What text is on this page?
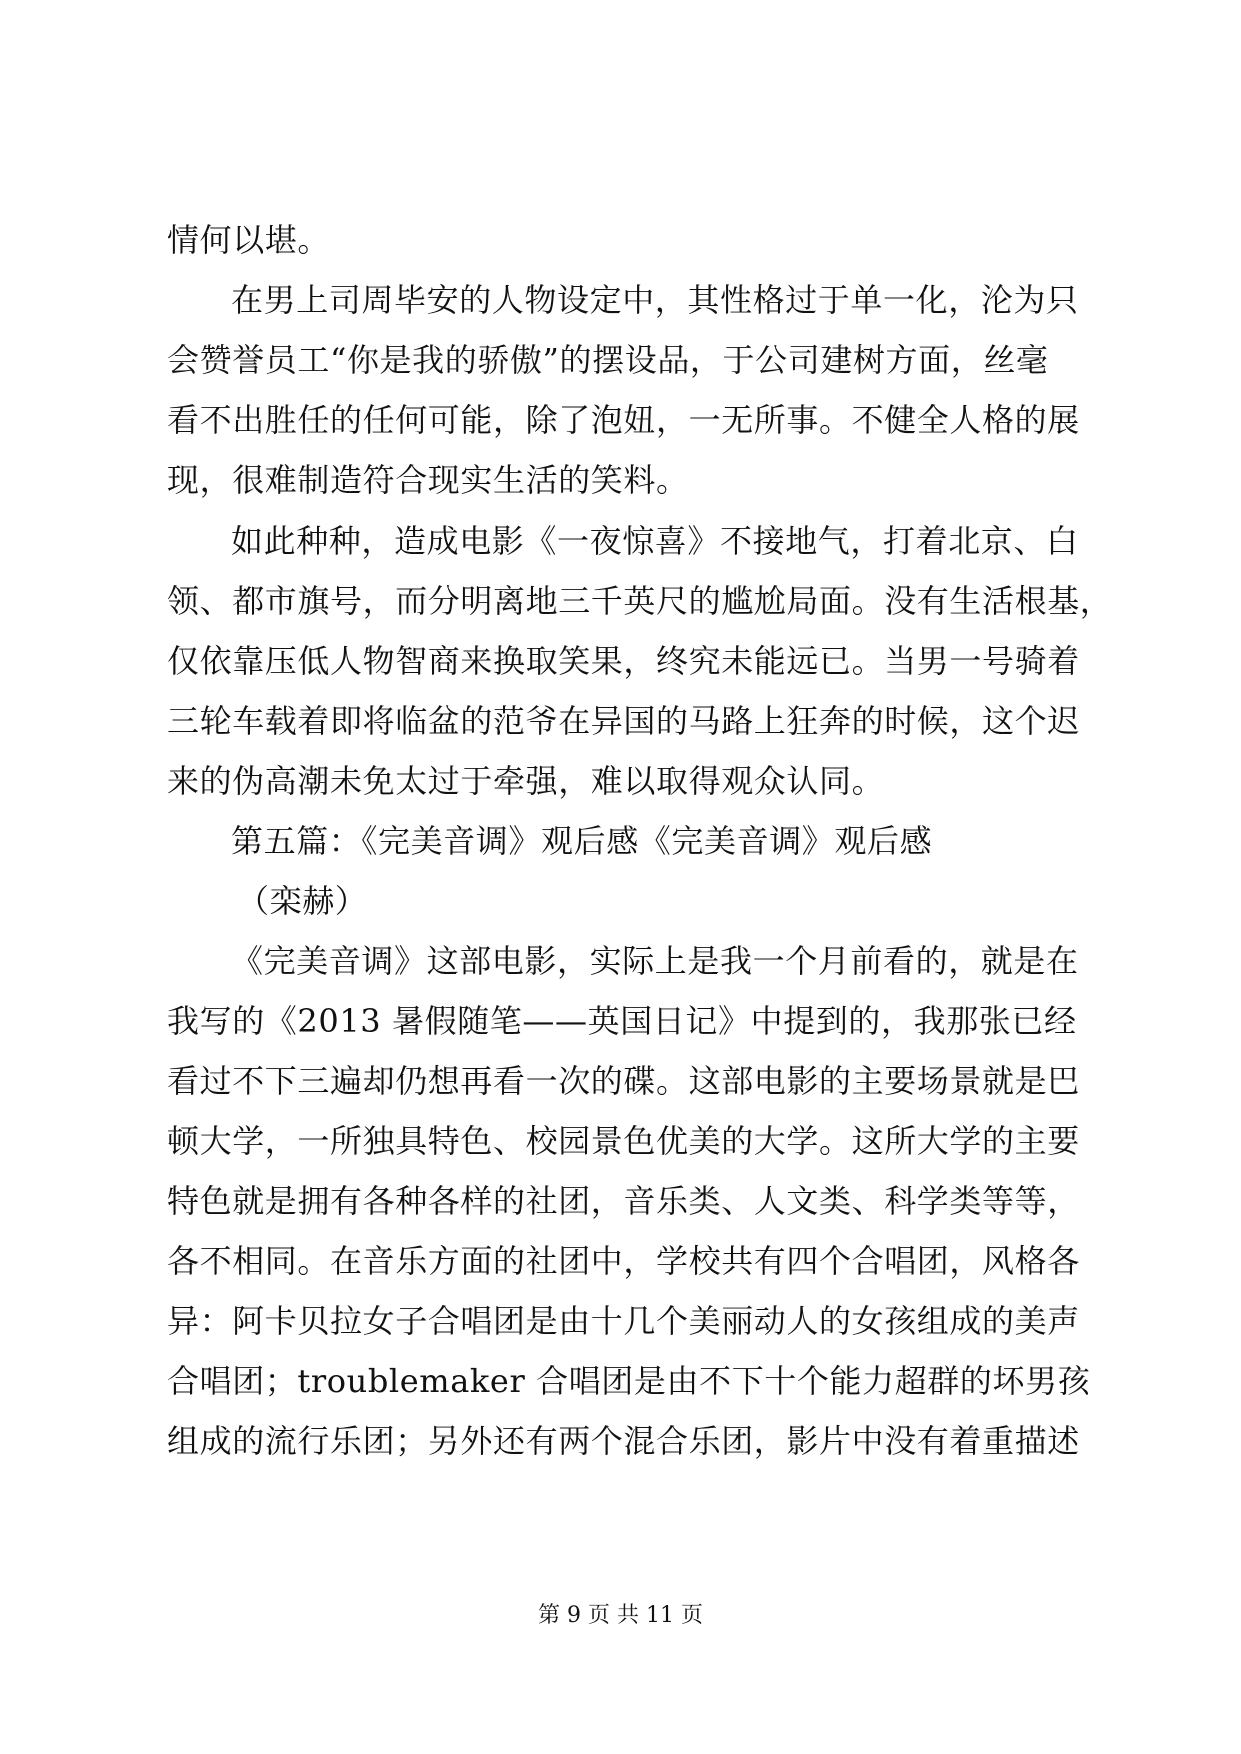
情何以堪。
在男上司周毕安的人物设定中，其性格过于单一化，沦为只
会赞誉员工“你是我的骄傲”的摆设品，于公司建树方面，丝毫
看不出胜任的任何可能，除了泡妞，一无所事。不健全人格的展
现，很难制造符合现实生活的笑料。
如此种种，造成电影《一夜惊喜》不接地气，打着北京、白
领、都市旗号，而分明离地三千英尺的尴尬局面。没有生活根基，
仅依靠压低人物智商来换取笑果，终究未能远已。当男一号骑着
三轮车载着即将临盆的范爷在异国的马路上狂奔的时候，这个迟
来的伪高潮未免太过于牵强，难以取得观众认同。
第五篇：《完美音调》观后感《完美音调》观后感
（栾赫）
《完美音调》这部电影，实际上是我一个月前看的，就是在
我写的《2013 暑假随笔——英国日记》中提到的，我那张已经
看过不下三遍却仍想再看一次的碟。这部电影的主要场景就是巴
顿大学，一所独具特色、校园景色优美的大学。这所大学的主要
特色就是拥有各种各样的社团，音乐类、人文类、科学类等等，
各不相同。在音乐方面的社团中，学校共有四个合唱团，风格各
异：阿卡贝拉女子合唱团是由十几个美丽动人的女孩组成的美声
合唱团；troublemaker 合唱团是由不下十个能力超群的坏男孩
组成的流行乐团；另外还有两个混合乐团，影片中没有着重描述
第 9 页 共 11 页
